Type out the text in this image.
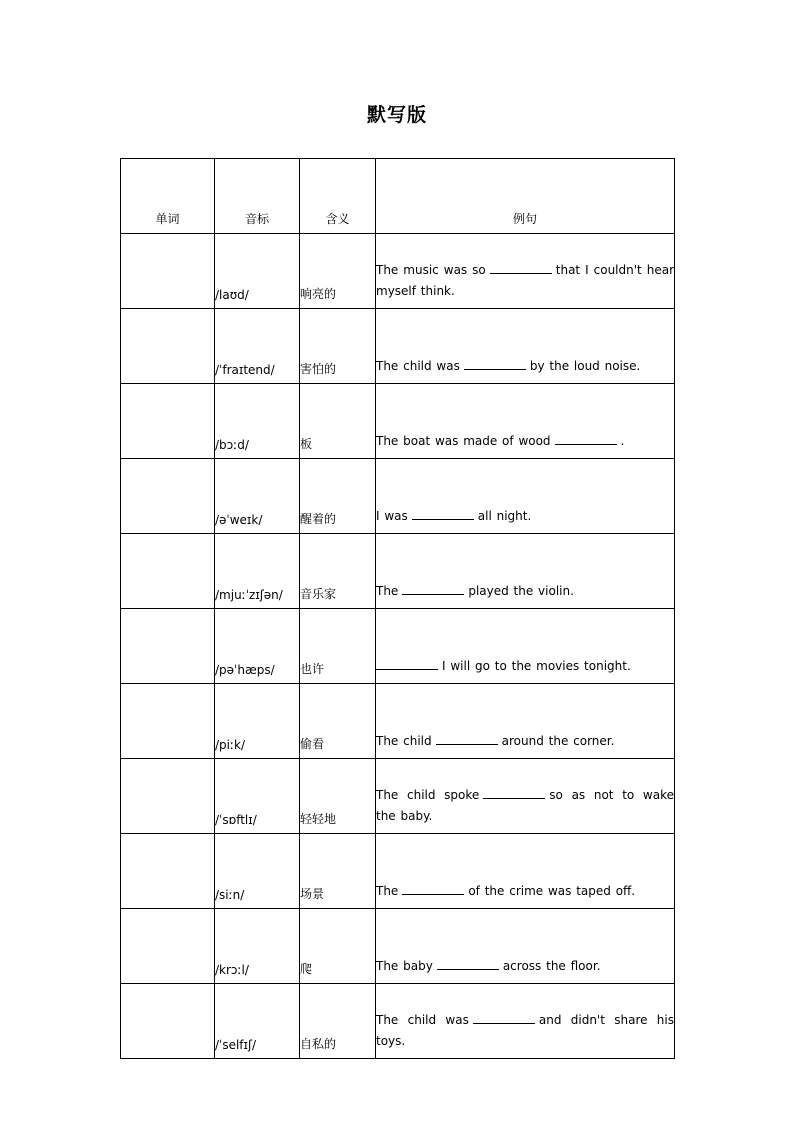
默写版
单词	音标	含义	例句
	/laʊd/	响亮的	The music was so that I couldn't hear myself think.
	/ˈfraɪtend/	害怕的	The child was by the loud noise.
	/bɔːd/	板	The boat was made of wood .
	/əˈweɪk/	醒着的	I was all night.
	/mjuːˈzɪʃən/	音乐家	The played the violin.
	/pəˈhæps/	也许	I will go to the movies tonight.
	/piːk/	偷看	The child around the corner.
	/ˈsɒftlɪ/	轻轻地	The child spoke so as not to wake the baby.
	/siːn/	场景	The of the crime was taped off.
	/krɔːl/	爬	The baby across the floor.
	/ˈselfɪʃ/	自私的	The child was and didn't share his toys.
